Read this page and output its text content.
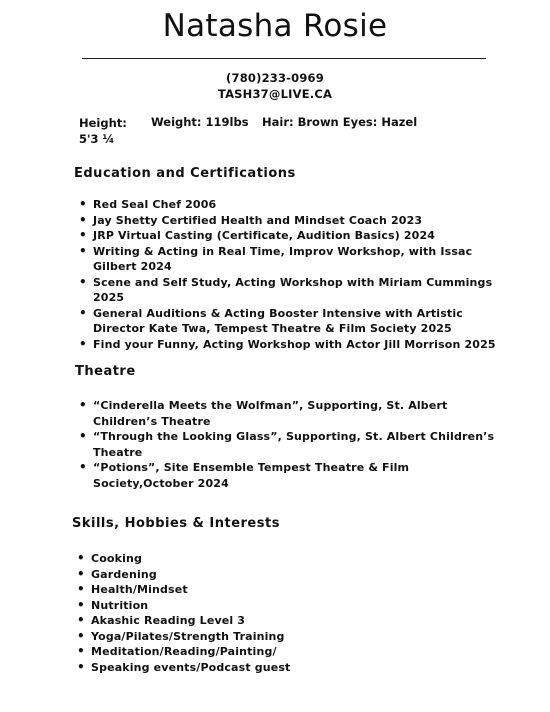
Natasha Rosie
(780)233-0969
TASH37@LIVE.CA
Height: 5'3 ¼
Weight: 119lbs Hair: Brown Eyes: Hazel
Education and Certifications
• Red Seal Chef 2006
• Jay Shetty Certified Health and Mindset Coach 2023
• JRP Virtual Casting (Certificate, Audition Basics) 2024
• Writing & Acting in Real Time, Improv Workshop, with Issac Gilbert 2024
• Scene and Self Study, Acting Workshop with Miriam Cummings 2025
• General Auditions & Acting Booster Intensive with Artistic Director Kate Twa, Tempest Theatre & Film Society 2025
• Find your Funny, Acting Workshop with Actor Jill Morrison 2025
Theatre
• “Cinderella Meets the Wolfman”, Supporting, St. Albert Children’s Theatre
• “Through the Looking Glass”, Supporting, St. Albert Children’s Theatre
• “Potions”, Site Ensemble Tempest Theatre & Film Society,October 2024
Skills, Hobbies & Interests
• Cooking
• Gardening
• Health/Mindset
• Nutrition
• Akashic Reading Level 3
• Yoga/Pilates/Strength Training
• Meditation/Reading/Painting/
• Speaking events/Podcast guest
